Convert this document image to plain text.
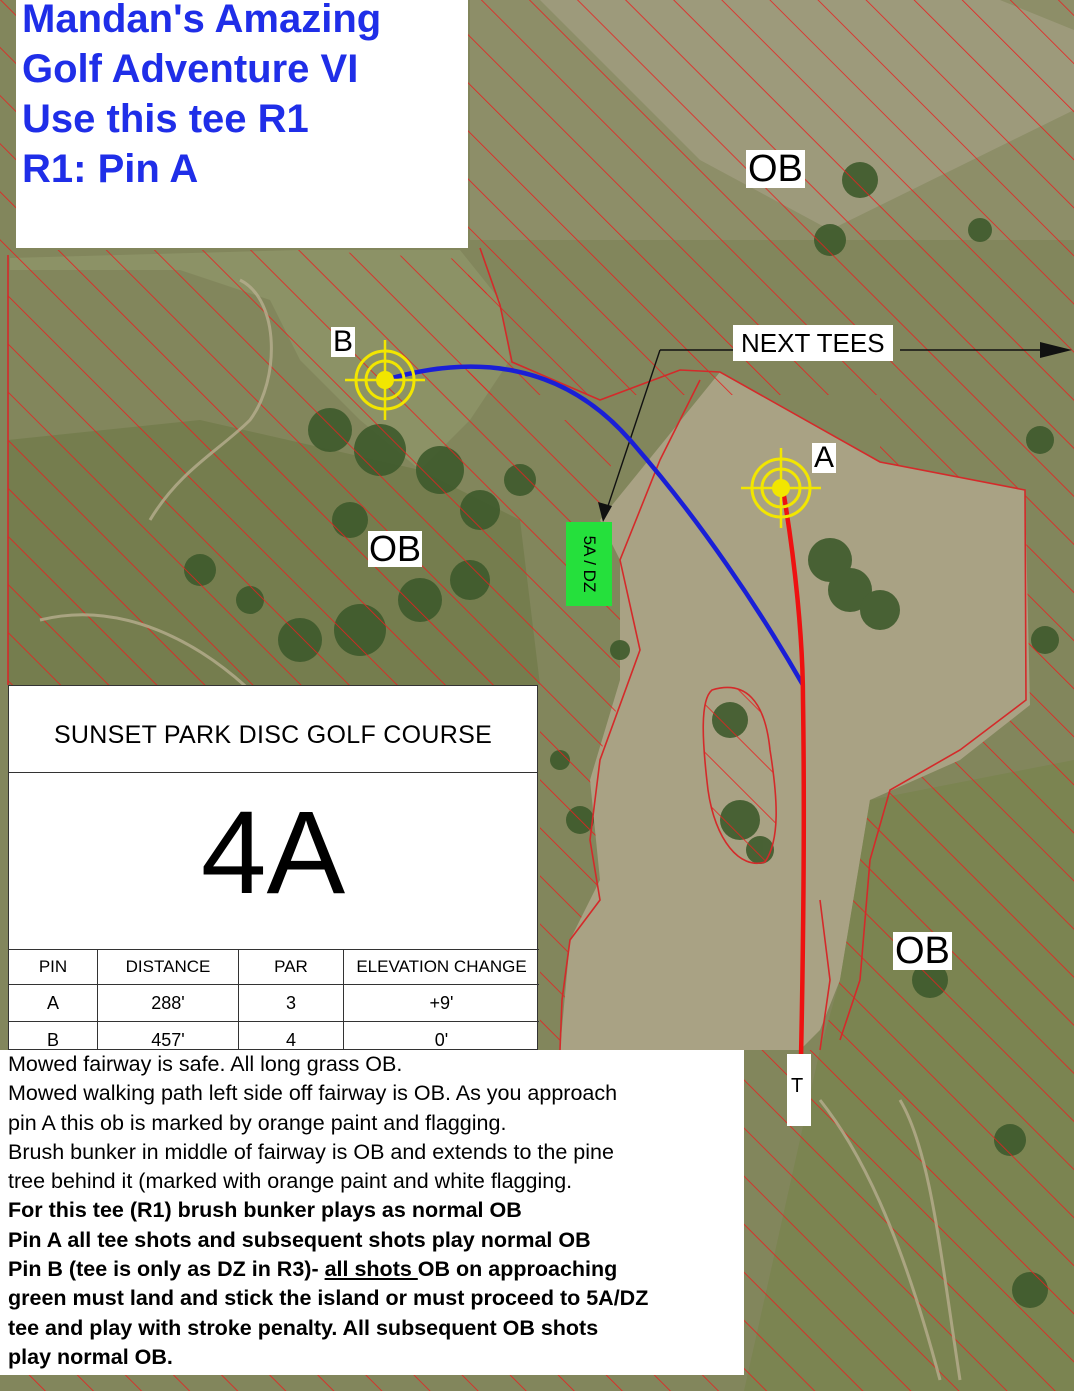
Mandan's Amazing
Golf Adventure VI
Use this tee R1
R1: Pin A	OB
OB
OB
NEXT TEES
B
A
T
5A / DZ
SUNSET PARK DISC GOLF COURSE
4A
PIN	DISTANCE	PAR	ELEVATION CHANGE
A	288'	3	+9'
B	457'	4	0'
Mowed fairway is safe. All long grass OB.
Mowed walking path left side off fairway is OB. As you approach
pin A this ob is marked by orange paint and flagging.
Brush bunker in middle of fairway is OB and extends to the pine
tree behind it (marked with orange paint and white flagging.
For this tee (R1) brush bunker plays as normal OB
Pin A all tee shots and subsequent shots play normal OB
Pin B (tee is only as DZ in R3)- all shots OB on approaching
green must land and stick the island or must proceed to 5A/DZ
tee and play with stroke penalty. All subsequent OB shots
play normal OB.
